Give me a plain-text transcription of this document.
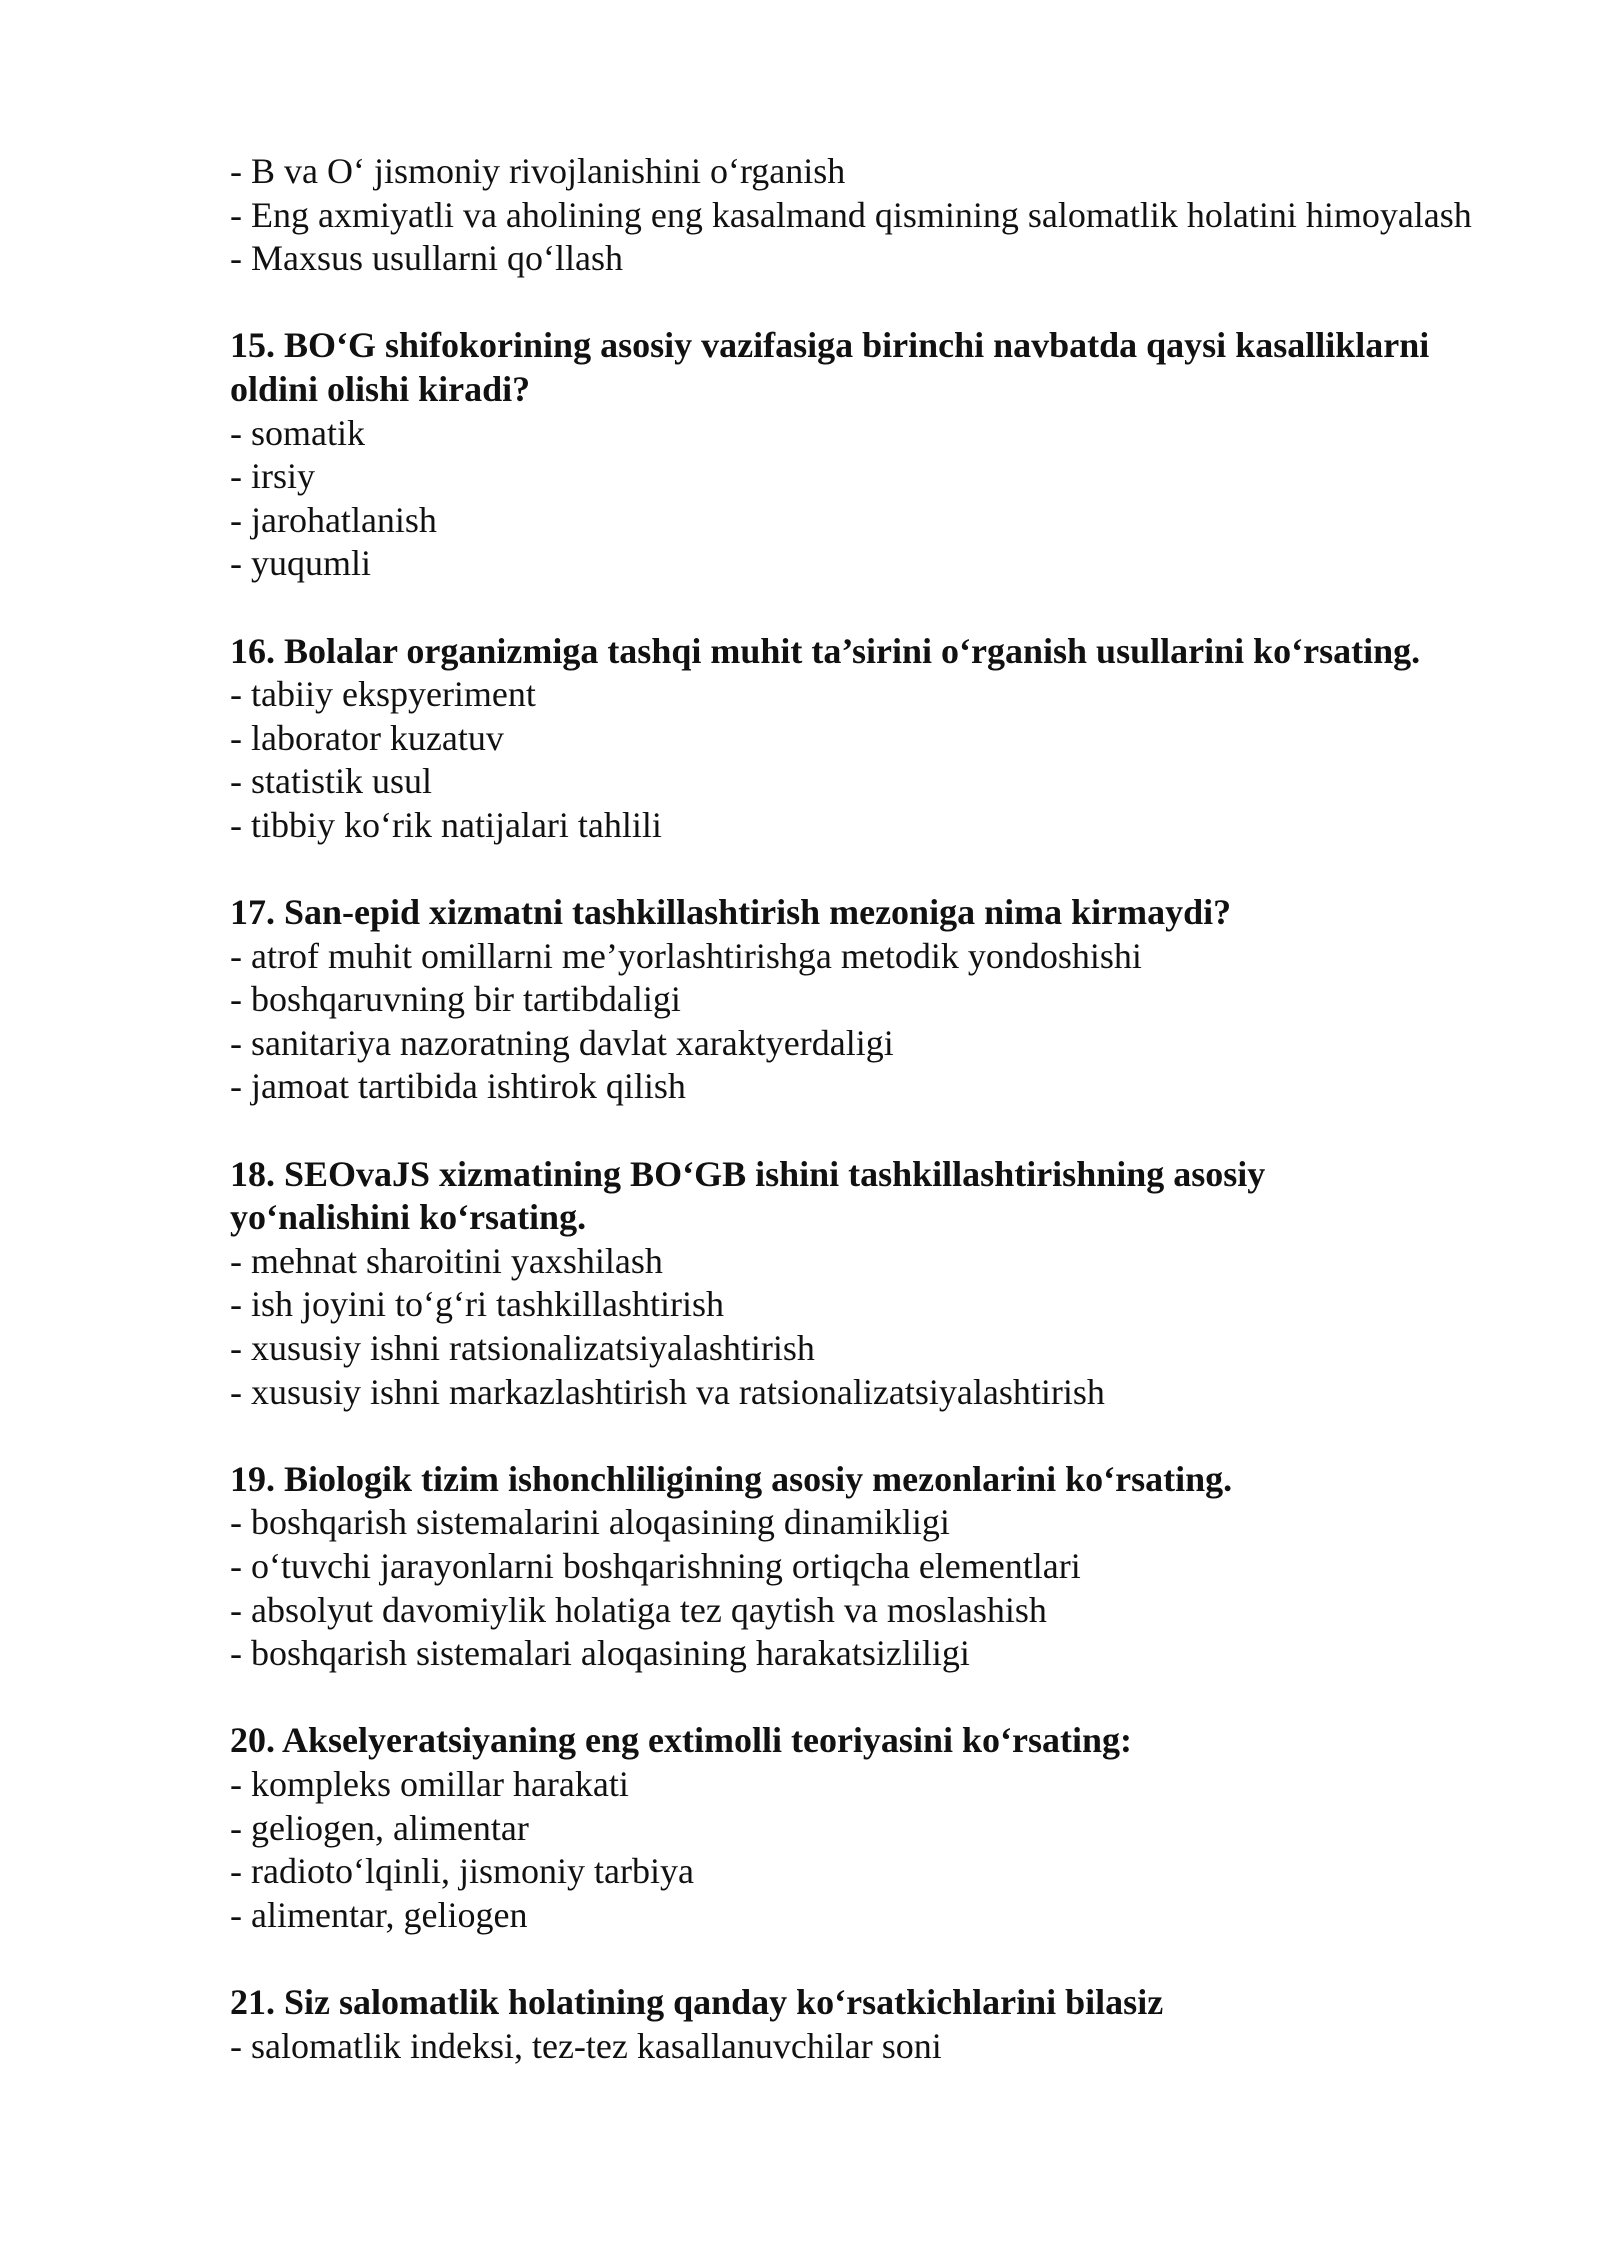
- B va O‘ jismoniy rivojlanishini o‘rganish

- Eng axmiyatli va aholining eng kasalmand qismining salomatlik holatini himoyalash

- Maxsus usullarni qo‘llash

15. BO‘G shifokorining asosiy vazifasiga birinchi navbatda qaysi kasalliklarni oldini olishi kiradi?

- somatik

- irsiy

- jarohatlanish

- yuqumli

16. Bolalar organizmiga tashqi muhit ta’sirini o‘rganish usullarini ko‘rsating.

- tabiiy ekspyeriment

- laborator kuzatuv

- statistik usul

- tibbiy ko‘rik natijalari tahlili

17. San-epid xizmatni tashkillashtirish mezoniga nima kirmaydi?

- atrof muhit omillarni me’yorlashtirishga metodik yondoshishi

- boshqaruvning bir tartibdaligi

- sanitariya nazoratning davlat xaraktyerdaligi

- jamoat tartibida ishtirok qilish

18. SEOvaJS xizmatining BO‘GB ishini tashkillashtirishning asosiy yo‘nalishini ko‘rsating.

- mehnat sharoitini yaxshilash

- ish joyini to‘g‘ri tashkillashtirish

- xususiy ishni ratsionalizatsiyalashtirish

- xususiy ishni markazlashtirish va ratsionalizatsiyalashtirish

19. Biologik tizim ishonchliligining asosiy mezonlarini ko‘rsating.

- boshqarish sistemalarini aloqasining dinamikligi

- o‘tuvchi jarayonlarni boshqarishning ortiqcha elementlari

- absolyut davomiylik holatiga tez qaytish va moslashish

- boshqarish sistemalari aloqasining harakatsizliligi

20. Akselyeratsiyaning eng extimolli teoriyasini ko‘rsating:

- kompleks omillar harakati

- geliogen, alimentar

- radioto‘lqinli, jismoniy tarbiya

- alimentar, geliogen

21. Siz salomatlik holatining qanday ko‘rsatkichlarini bilasiz

- salomatlik indeksi, tez-tez kasallanuvchilar soni
